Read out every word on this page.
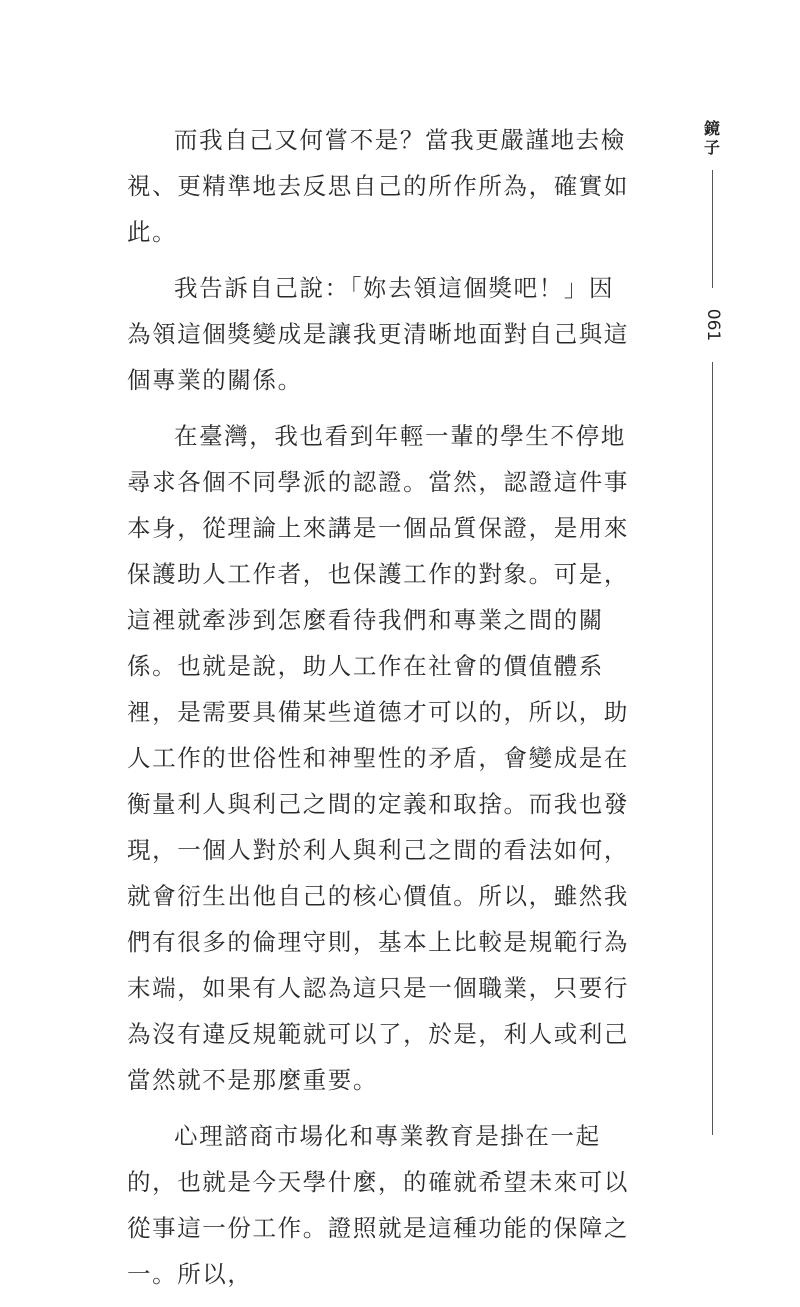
而我自己又何嘗不是？當我更嚴謹地去檢視、更精準地去反思自己的所作所為，確實如此。

我告訴自己說：「妳去領這個獎吧！」因為領這個獎變成是讓我更清晰地面對自己與這個專業的關係。

在臺灣，我也看到年輕一輩的學生不停地尋求各個不同學派的認證。當然，認證這件事本身，從理論上來講是一個品質保證，是用來保護助人工作者，也保護工作的對象。可是，這裡就牽涉到怎麼看待我們和專業之間的關係。也就是說，助人工作在社會的價值體系裡，是需要具備某些道德才可以的，所以，助人工作的世俗性和神聖性的矛盾，會變成是在衡量利人與利己之間的定義和取捨。而我也發現，一個人對於利人與利己之間的看法如何，就會衍生出他自己的核心價值。所以，雖然我們有很多的倫理守則，基本上比較是規範行為末端，如果有人認為這只是一個職業，只要行為沒有違反規範就可以了，於是，利人或利己當然就不是那麼重要。

心理諮商市場化和專業教育是掛在一起的，也就是今天學什麼，的確就希望未來可以從事這一份工作。證照就是這種功能的保障之一。所以，

鏡子
061
